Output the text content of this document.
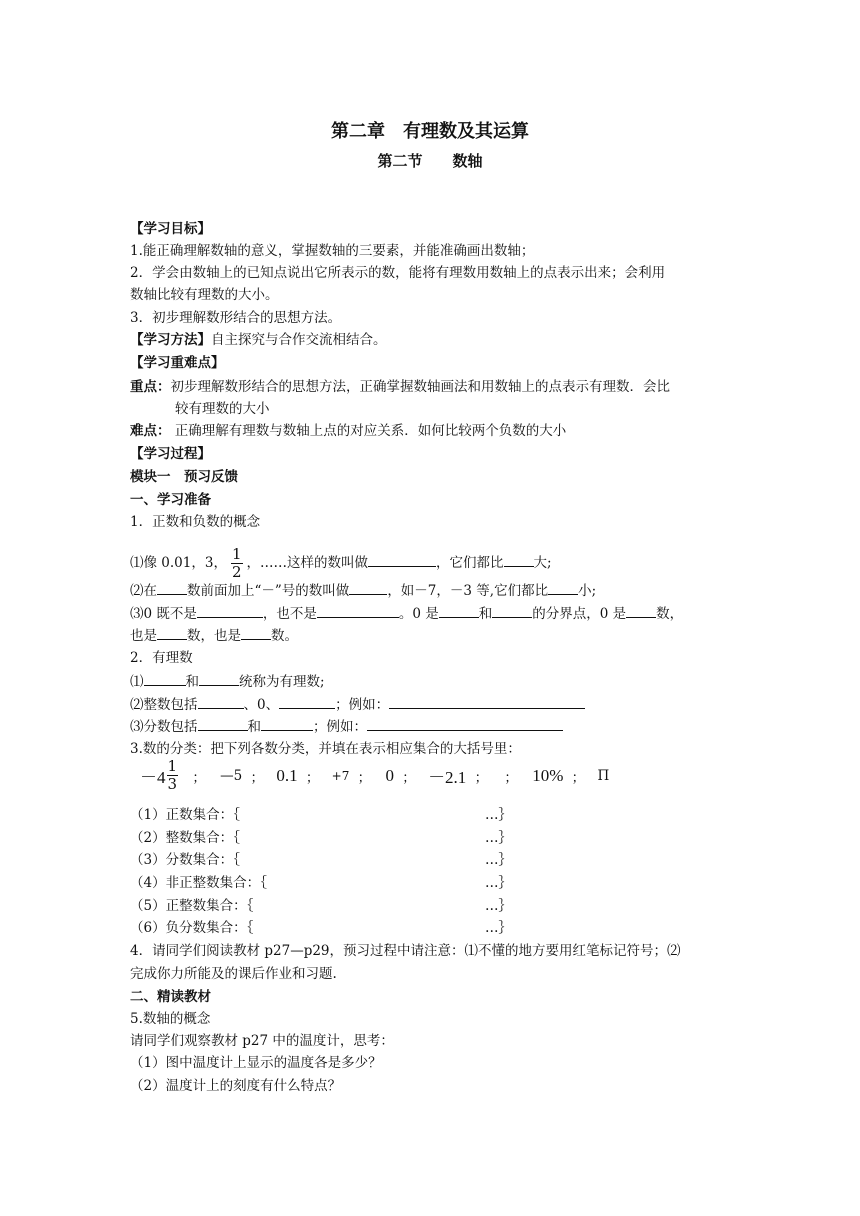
第二章　有理数及其运算
第二节　　数轴
【学习目标】
1.能正确理解数轴的意义，掌握数轴的三要素，并能准确画出数轴；
2．学会由数轴上的已知点说出它所表示的数，能将有理数用数轴上的点表示出来；会利用
数轴比较有理数的大小。
3．初步理解数形结合的思想方法。
【学习方法】自主探究与合作交流相结合。
【学习重难点】
重点：初步理解数形结合的思想方法，正确掌握数轴画法和用数轴上的点表示有理数．会比
较有理数的大小
难点： 正确理解有理数与数轴上点的对应关系．如何比较两个负数的大小
【学习过程】
模块一　预习反馈
一、学习准备
1．正数和负数的概念
⑴像 0.01，3， $\frac{1}{2}$ ，……这样的数叫做	，它们都比 大;
⑵在 数前面加上“－”号的数叫做	，如－7，－3 等,它们都比 小;
⑶0 既不是	，也不是	。0 是	和	的分界点，0 是 数，
也是 数，也是 数。
2．有理数
⑴	和	统称为有理数;
⑵整数包括	、0、	；例如：
⑶分数包括	和	；例如：
3.数的分类：把下列各数分类，并填在表示相应集合的大括号里：
$-4 \frac{1}{3}$ ； —5 ； 0.1 ； +7 ； 0 ； －2.1 ； ； 10% ； Π
（1）正数集合：｛	…｝
（2）整数集合：｛	…｝
（3）分数集合：｛	…｝
（4）非正整数集合：｛	…｝
（5）正整数集合：｛	…｝
（6）负分数集合：｛	…｝
4．请同学们阅读教材 p27—p29，预习过程中请注意：⑴不懂的地方要用红笔标记符号；⑵
完成你力所能及的课后作业和习题.
二、精读教材
5.数轴的概念
请同学们观察教材 p27 中的温度计，思考：
（1）图中温度计上显示的温度各是多少？
（2）温度计上的刻度有什么特点？
